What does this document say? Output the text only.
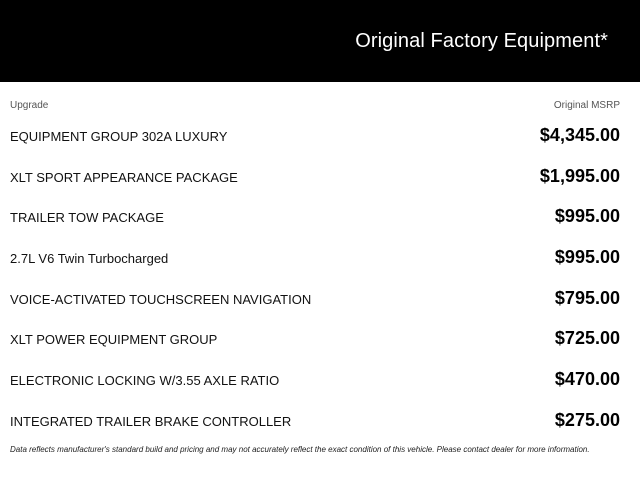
Original Factory Equipment*
Upgrade	Original MSRP
EQUIPMENT GROUP 302A LUXURY	$4,345.00
XLT SPORT APPEARANCE PACKAGE	$1,995.00
TRAILER TOW PACKAGE	$995.00
2.7L V6 Twin Turbocharged	$995.00
VOICE-ACTIVATED TOUCHSCREEN NAVIGATION	$795.00
XLT POWER EQUIPMENT GROUP	$725.00
ELECTRONIC LOCKING W/3.55 AXLE RATIO	$470.00
INTEGRATED TRAILER BRAKE CONTROLLER	$275.00
Data reflects manufacturer's standard build and pricing and may not accurately reflect the exact condition of this vehicle. Please contact dealer for more information.
